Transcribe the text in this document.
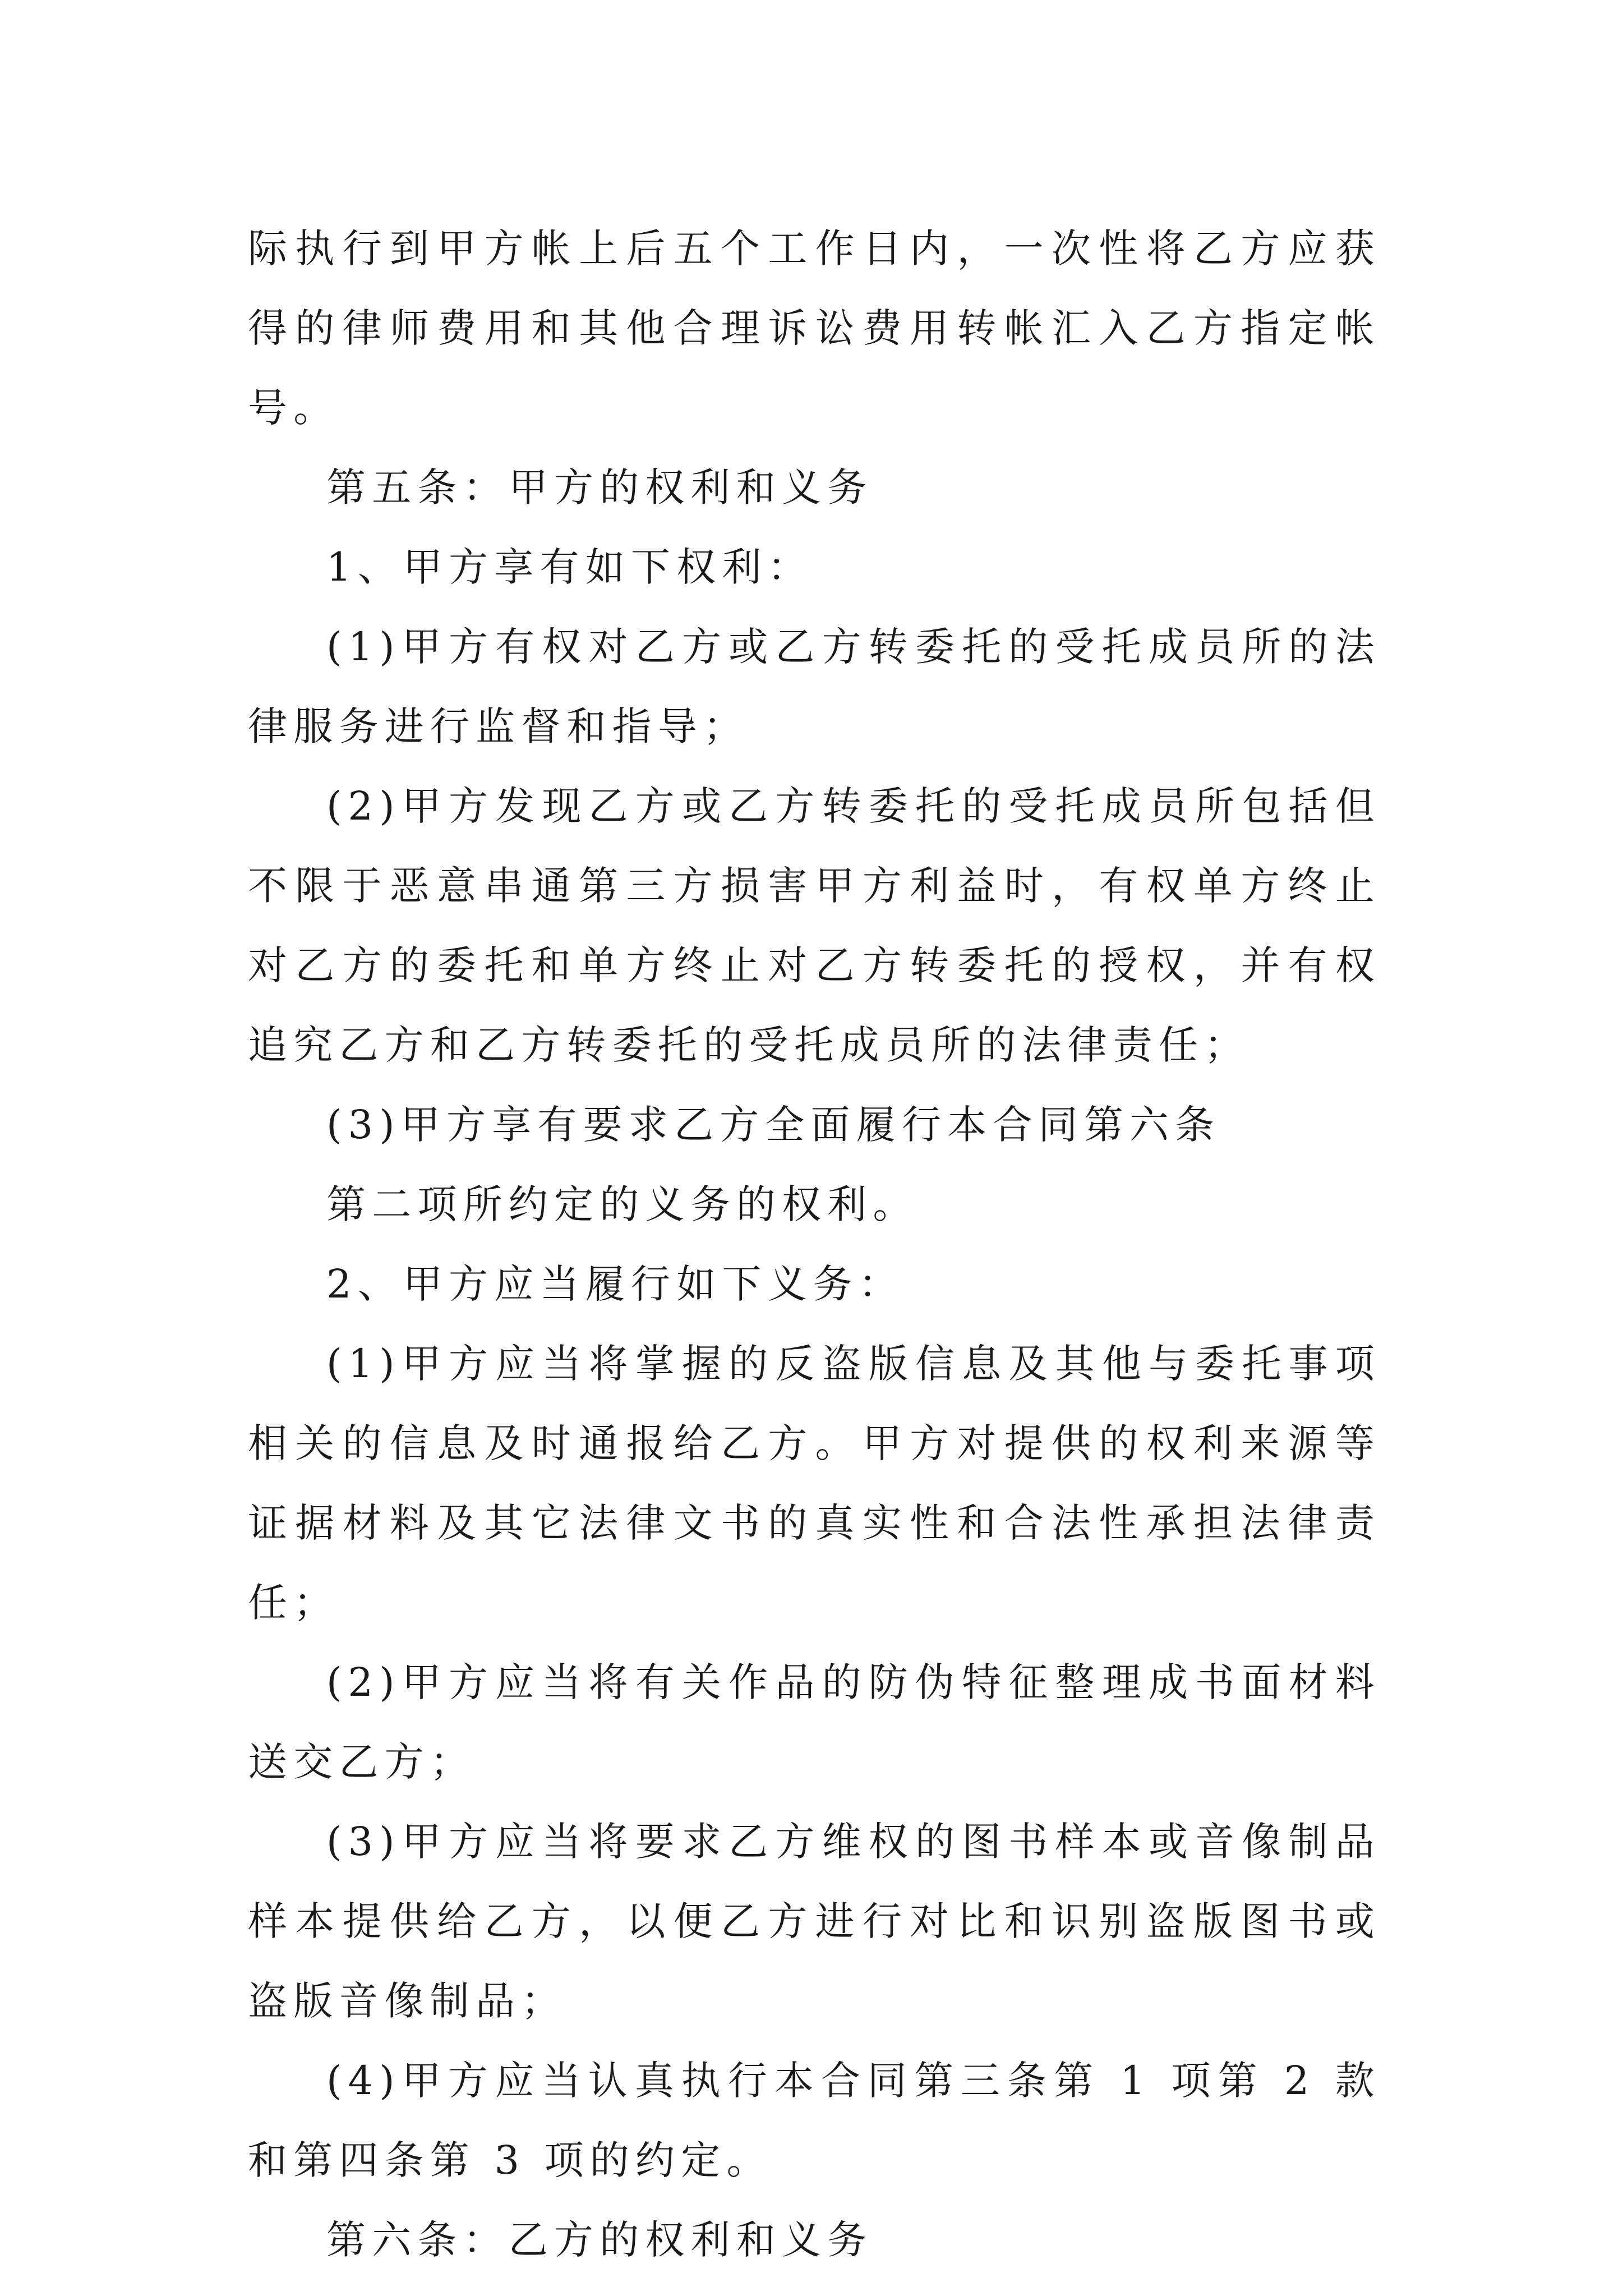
际执行到甲方帐上后五个工作日内，一次性将乙方应获得的律师费用和其他合理诉讼费用转帐汇入乙方指定帐号。

第五条：甲方的权利和义务

1、甲方享有如下权利：

(1)甲方有权对乙方或乙方转委托的受托成员所的法律服务进行监督和指导；

(2)甲方发现乙方或乙方转委托的受托成员所包括但不限于恶意串通第三方损害甲方利益时，有权单方终止对乙方的委托和单方终止对乙方转委托的授权，并有权追究乙方和乙方转委托的受托成员所的法律责任；

(3)甲方享有要求乙方全面履行本合同第六条

第二项所约定的义务的权利。

2、甲方应当履行如下义务：

(1)甲方应当将掌握的反盗版信息及其他与委托事项相关的信息及时通报给乙方。甲方对提供的权利来源等证据材料及其它法律文书的真实性和合法性承担法律责任；

(2)甲方应当将有关作品的防伪特征整理成书面材料送交乙方；

(3)甲方应当将要求乙方维权的图书样本或音像制品样本提供给乙方，以便乙方进行对比和识别盗版图书或盗版音像制品；

(4)甲方应当认真执行本合同第三条第 1 项第 2 款和第四条第 3 项的约定。

第六条：乙方的权利和义务
